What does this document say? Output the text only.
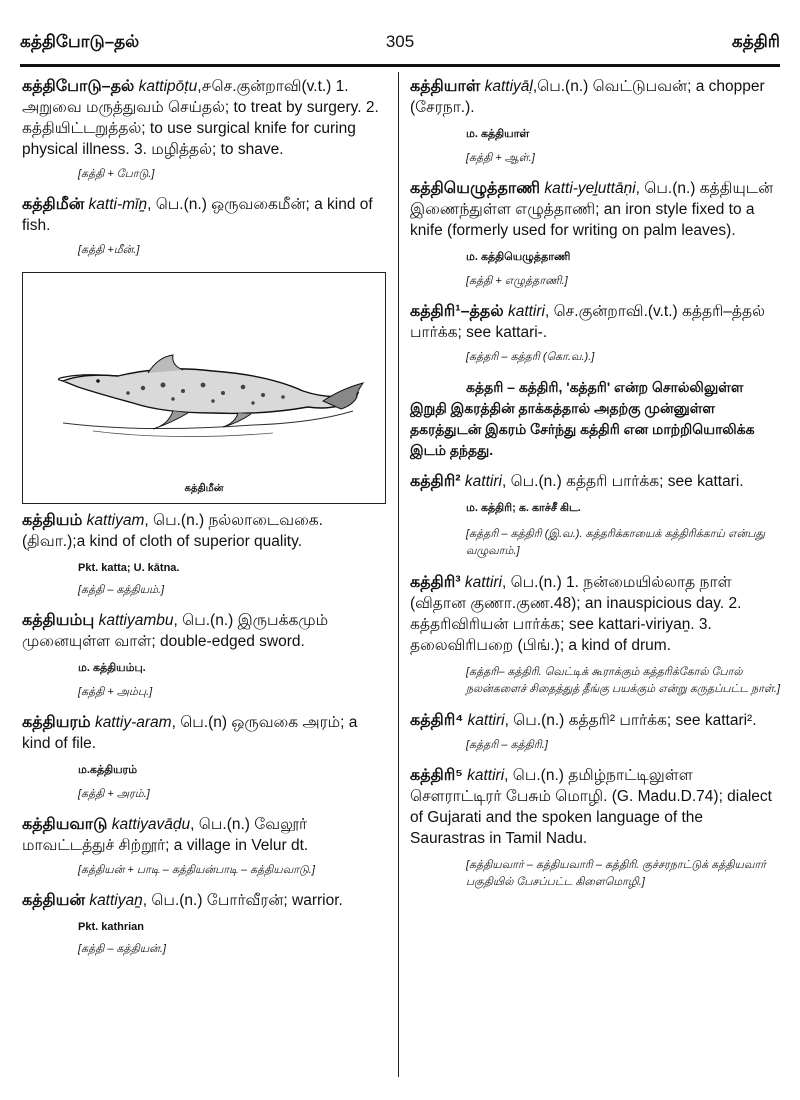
கத்திபோடு–தல்	305	கத்திரி
கத்திபோடு–தல் kattipōṭu,௪செ.குன்றாவி(v.t.) 1. அறுவை மருத்துவம் செய்தல்; to treat by surgery. 2. கத்தியிட்டறுத்தல்; to use surgical knife for curing physical illness. 3. மழித்தல்; to shave.
[கத்தி + போடு.]
கத்திமீன் katti-mīṉ, பெ.(n.) ஒருவகைமீன்; a kind of fish.
[கத்தி +மீன்.]
கத்திமீன்
கத்தியம் kattiyam, பெ.(n.) நல்லாடைவகை. (திவா.);a kind of cloth of superior quality.
Pkt. katta; U. kātna.
[கத்தி – கத்தியம்.]
கத்தியம்பு kattiyambu, பெ.(n.) இருபக்கமும் முனையுள்ள வாள்; double-edged sword.
ம. கத்தியம்பு.
[கத்தி + அம்பு.]
கத்தியரம் kattiy-aram, பெ.(n) ஒருவகை அரம்; a kind of file.
ம.கத்தியரம்
[கத்தி + அரம்.]
கத்தியவாடு kattiyavāḍu, பெ.(n.) வேலூர் மாவட்டத்துச் சிற்றூர்; a village in Velur dt.
[கத்தியன் + பாடி – கத்தியன்பாடி – கத்தியவாடு.]
கத்தியன் kattiyaṉ, பெ.(n.) போர்வீரன்; warrior.
Pkt. kathrian
[கத்தி – கத்தியன்.]
கத்தியாள் kattiyāḷ,பெ.(n.) வெட்டுபவன்; a chopper (சேரநா.).
ம. கத்தியாள்
[கத்தி + ஆள்.]
கத்தியெழுத்தாணி katti-yeḻuttāṇi, பெ.(n.) கத்தியுடன் இணைந்துள்ள எழுத்தாணி; an iron style fixed to a knife (formerly used for writing on palm leaves).
ம. கத்தியெழுத்தாணி
[கத்தி + எழுத்தாணி.]
கத்திரி¹–த்தல் kattiri, செ.குன்றாவி.(v.t.) கத்தரி–த்தல் பார்க்க; see kattari-.
[கத்தரி – கத்தரி (கொ.வ.).]
கத்தரி – கத்திரி, 'கத்தரி' என்ற சொல்லிலுள்ள இறுதி இகரத்தின் தாக்கத்தால் அதற்கு முன்னுள்ள தகரத்துடன் இகரம் சேர்ந்து கத்திரி என மாற்றியொலிக்க இடம் தந்தது.
கத்திரி² kattiri, பெ.(n.) கத்தரி பார்க்க; see kattari.
ம. கத்திரி; க. காச்சீ கிட.
[கத்தரி – கத்திரி (இ.வ.). கத்தரிக்காயைக் கத்திரிக்காய் என்பது வழுவாம்.]
கத்திரி³ kattiri, பெ.(n.) 1. நன்மையில்லாத நாள் (விதான குணா.குண.48); an inauspicious day. 2. கத்தரிவிரியன் பார்க்க; see kattari-viriyaṉ. 3. தலைவிரிபறை (பிங்.); a kind of drum.
[கத்தரி– கத்திரி. வெட்டிக் கூராக்கும் கத்தரிக்கோல் போல் நலன்களைச் சிதைத்துத் தீங்கு பயக்கும் என்று கருதப்பட்ட நாள்.]
கத்திரி⁴ kattiri, பெ.(n.) கத்தரி² பார்க்க; see kattari².
[கத்தரி – கத்திரி.]
கத்திரி⁵ kattiri, பெ.(n.) தமிழ்நாட்டிலுள்ள சௌராட்டிரர் பேசும் மொழி. (G. Madu.D.74); dialect of Gujarati and the spoken language of the Saurastras in Tamil Nadu.
[கத்தியவார் – கத்தியவாரி – கத்திரி. குச்சரநாட்டுக் கத்தியவார் பகுதியில் பேசப்பட்ட கிளைமொழி.]
